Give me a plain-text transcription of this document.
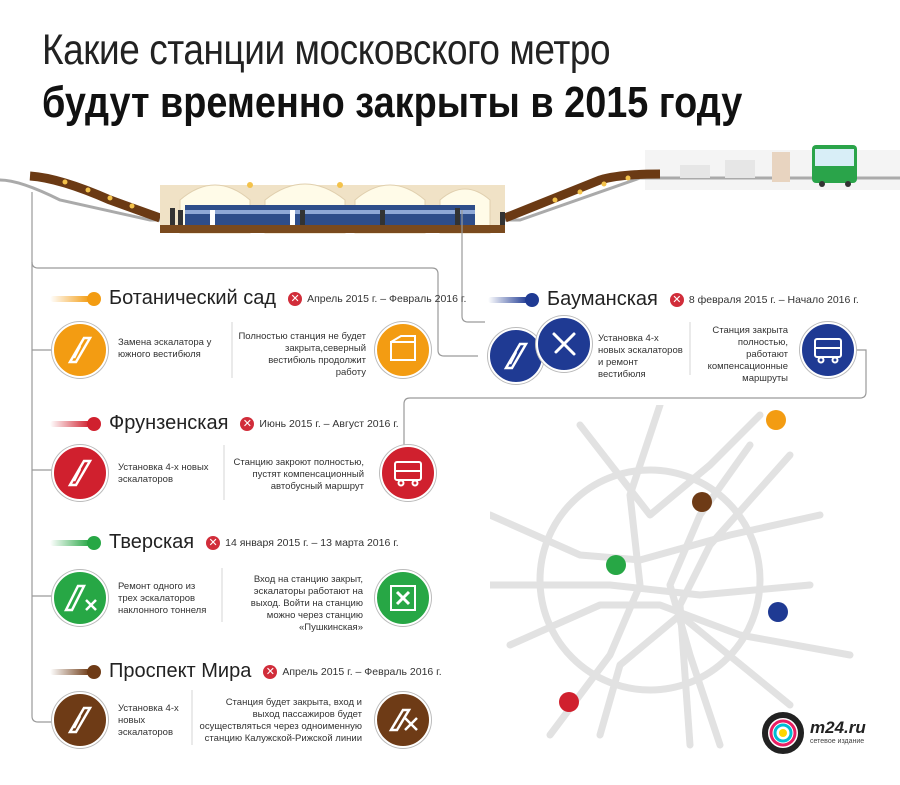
Какие станции московского метро
будут временно закрыты в 2015 году
Ботанический сад ✕ Апрель 2015 г. – Февраль 2016 г.
Замена эскалатора у южного вестибюля
Полностью станция не будет закрыта,северный вестибюль продолжит работу
Бауманская ✕ 8 февраля 2015 г. – Начало 2016 г.
Установка 4-х новых эскалаторов и ремонт вестибюля
Станция закрыта полностью, работают компенсационные маршруты
Фрунзенская ✕ Июнь 2015 г. – Август 2016 г.
Установка 4-х новых эскалаторов
Станцию закроют полностью, пустят компенсационный автобусный маршрут
Тверская ✕ 14 января 2015 г. – 13 марта 2016 г.
Ремонт одного из трех эскалаторов наклонного тоннеля
Вход на станцию закрыт, эскалаторы работают на выход. Войти на станцию можно через станцию «Пушкинская»
Проспект Мира ✕ Апрель 2015 г. – Февраль 2016 г.
Установка 4-х новых эскалаторов
Станция будет закрыта, вход и выход пассажиров будет осуществляться через одноименную станцию Калужской-Рижской линии
m24.ru
сетевое издание
